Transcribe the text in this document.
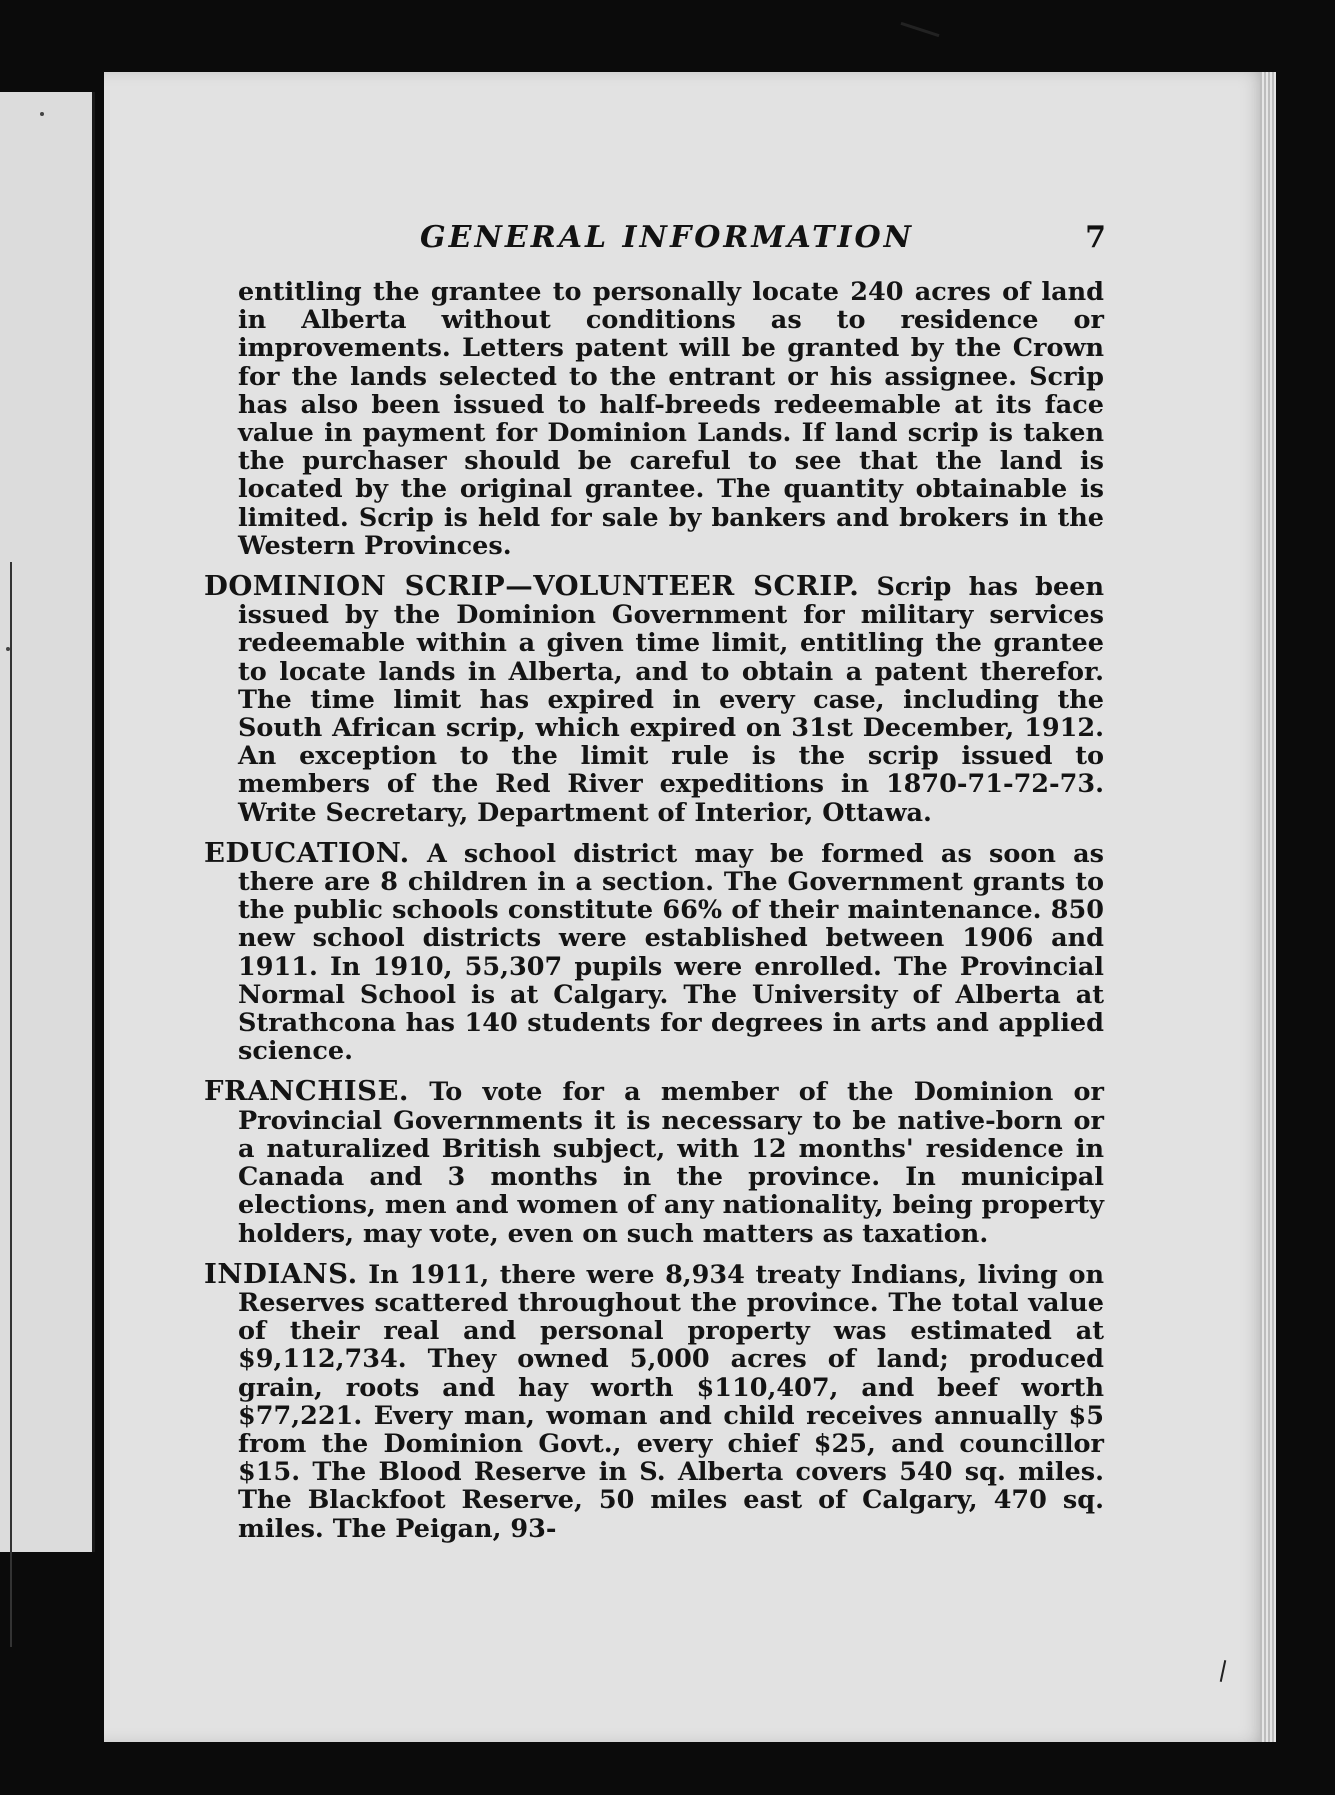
GENERAL INFORMATION	7

entitling the grantee to personally locate 240 acres of land in Alberta without conditions as to residence or improvements. Letters patent will be granted by the Crown for the lands selected to the entrant or his assignee. Scrip has also been issued to half-breeds redeemable at its face value in payment for Dominion Lands. If land scrip is taken the purchaser should be careful to see that the land is located by the original grantee. The quantity obtainable is limited. Scrip is held for sale by bankers and brokers in the Western Provinces.

DOMINION SCRIP—VOLUNTEER SCRIP. Scrip has been issued by the Dominion Government for military services redeemable within a given time limit, entitling the grantee to locate lands in Alberta, and to obtain a patent therefor. The time limit has expired in every case, including the South African scrip, which expired on 31st December, 1912. An exception to the limit rule is the scrip issued to members of the Red River expeditions in 1870-71-72-73. Write Secretary, Department of Interior, Ottawa.

EDUCATION. A school district may be formed as soon as there are 8 children in a section. The Government grants to the public schools constitute 66% of their maintenance. 850 new school districts were established between 1906 and 1911. In 1910, 55,307 pupils were enrolled. The Provincial Normal School is at Calgary. The University of Alberta at Strathcona has 140 students for degrees in arts and applied science.

FRANCHISE. To vote for a member of the Dominion or Provincial Governments it is necessary to be native-born or a naturalized British subject, with 12 months' residence in Canada and 3 months in the province. In municipal elections, men and women of any nationality, being property holders, may vote, even on such matters as taxation.

INDIANS. In 1911, there were 8,934 treaty Indians, living on Reserves scattered throughout the province. The total value of their real and personal property was estimated at $9,112,734. They owned 5,000 acres of land; produced grain, roots and hay worth $110,407, and beef worth $77,221. Every man, woman and child receives annually $5 from the Dominion Govt., every chief $25, and councillor $15. The Blood Reserve in S. Alberta covers 540 sq. miles. The Blackfoot Reserve, 50 miles east of Calgary, 470 sq. miles. The Peigan, 93-
